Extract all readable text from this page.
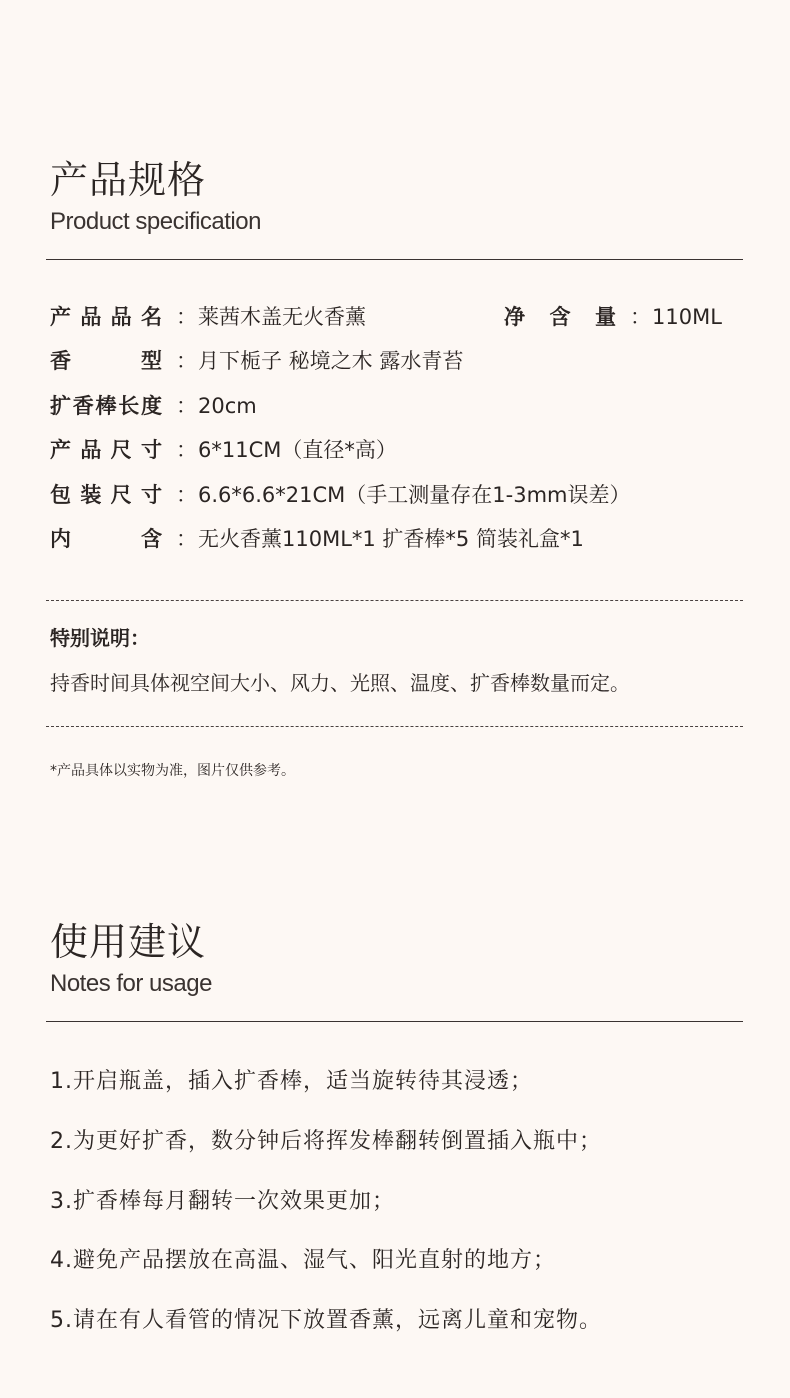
产品规格
Product specification
产品品名 ： 莱茜木盖无火香薰	净含量 ： 110ML
香型 ： 月下栀子 秘境之木 露水青苔
扩香棒长度 ： 20cm
产品尺寸 ： 6*11CM（直径*高）
包装尺寸 ： 6.6*6.6*21CM（手工测量存在1-3mm误差）
内含 ： 无火香薰110ML*1 扩香棒*5 简装礼盒*1
特别说明：
持香时间具体视空间大小、风力、光照、温度、扩香棒数量而定。
*产品具体以实物为准，图片仅供参考。
使用建议
Notes for usage
1.开启瓶盖，插入扩香棒，适当旋转待其浸透；
2.为更好扩香，数分钟后将挥发棒翻转倒置插入瓶中；
3.扩香棒每月翻转一次效果更加；
4.避免产品摆放在高温、湿气、阳光直射的地方；
5.请在有人看管的情况下放置香薰，远离儿童和宠物。
